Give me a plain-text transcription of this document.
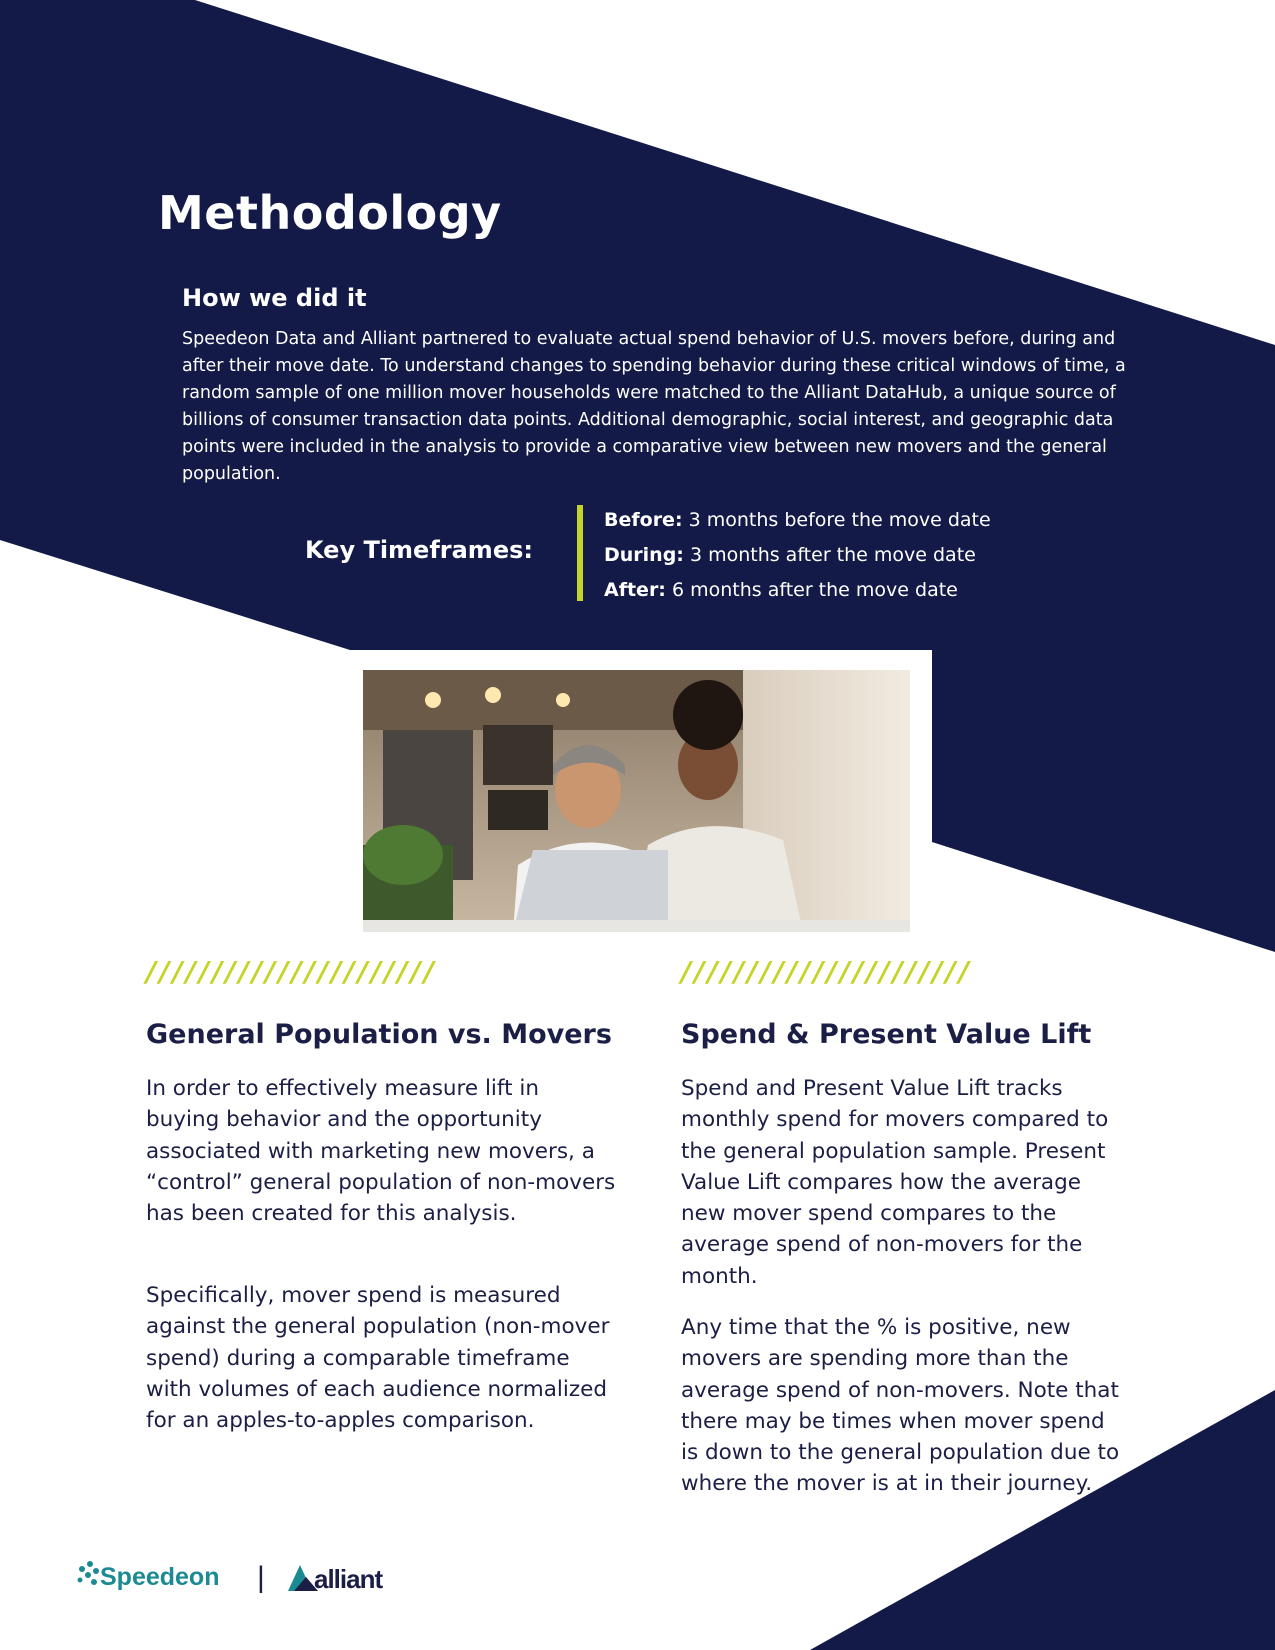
Methodology
How we did it

Speedeon Data and Alliant partnered to evaluate actual spend behavior of U.S. movers before, during and after their move date. To understand changes to spending behavior during these critical windows of time, a random sample of one million mover households were matched to the Alliant DataHub, a unique source of billions of consumer transaction data points. Additional demographic, social interest, and geographic data points were included in the analysis to provide a comparative view between new movers and the general population.

Key Timeframes:
Before: 3 months before the move date
During: 3 months after the move date
After: 6 months after the move date
//////////////////////	//////////////////////
General Population vs. Movers

In order to effectively measure lift in buying behavior and the opportunity associated with marketing new movers, a “control” general population of non-movers has been created for this analysis.

Specifically, mover spend is measured against the general population (non-mover spend) during a comparable timeframe with volumes of each audience normalized for an apples-to-apples comparison.

Spend & Present Value Lift

Spend and Present Value Lift tracks monthly spend for movers compared to the general population sample. Present Value Lift compares how the average new mover spend compares to the average spend of non-movers for the month.

Any time that the % is positive, new movers are spending more than the average spend of non-movers. Note that there may be times when mover spend is down to the general population due to where the mover is at in their journey.

Speedeon | alliant
